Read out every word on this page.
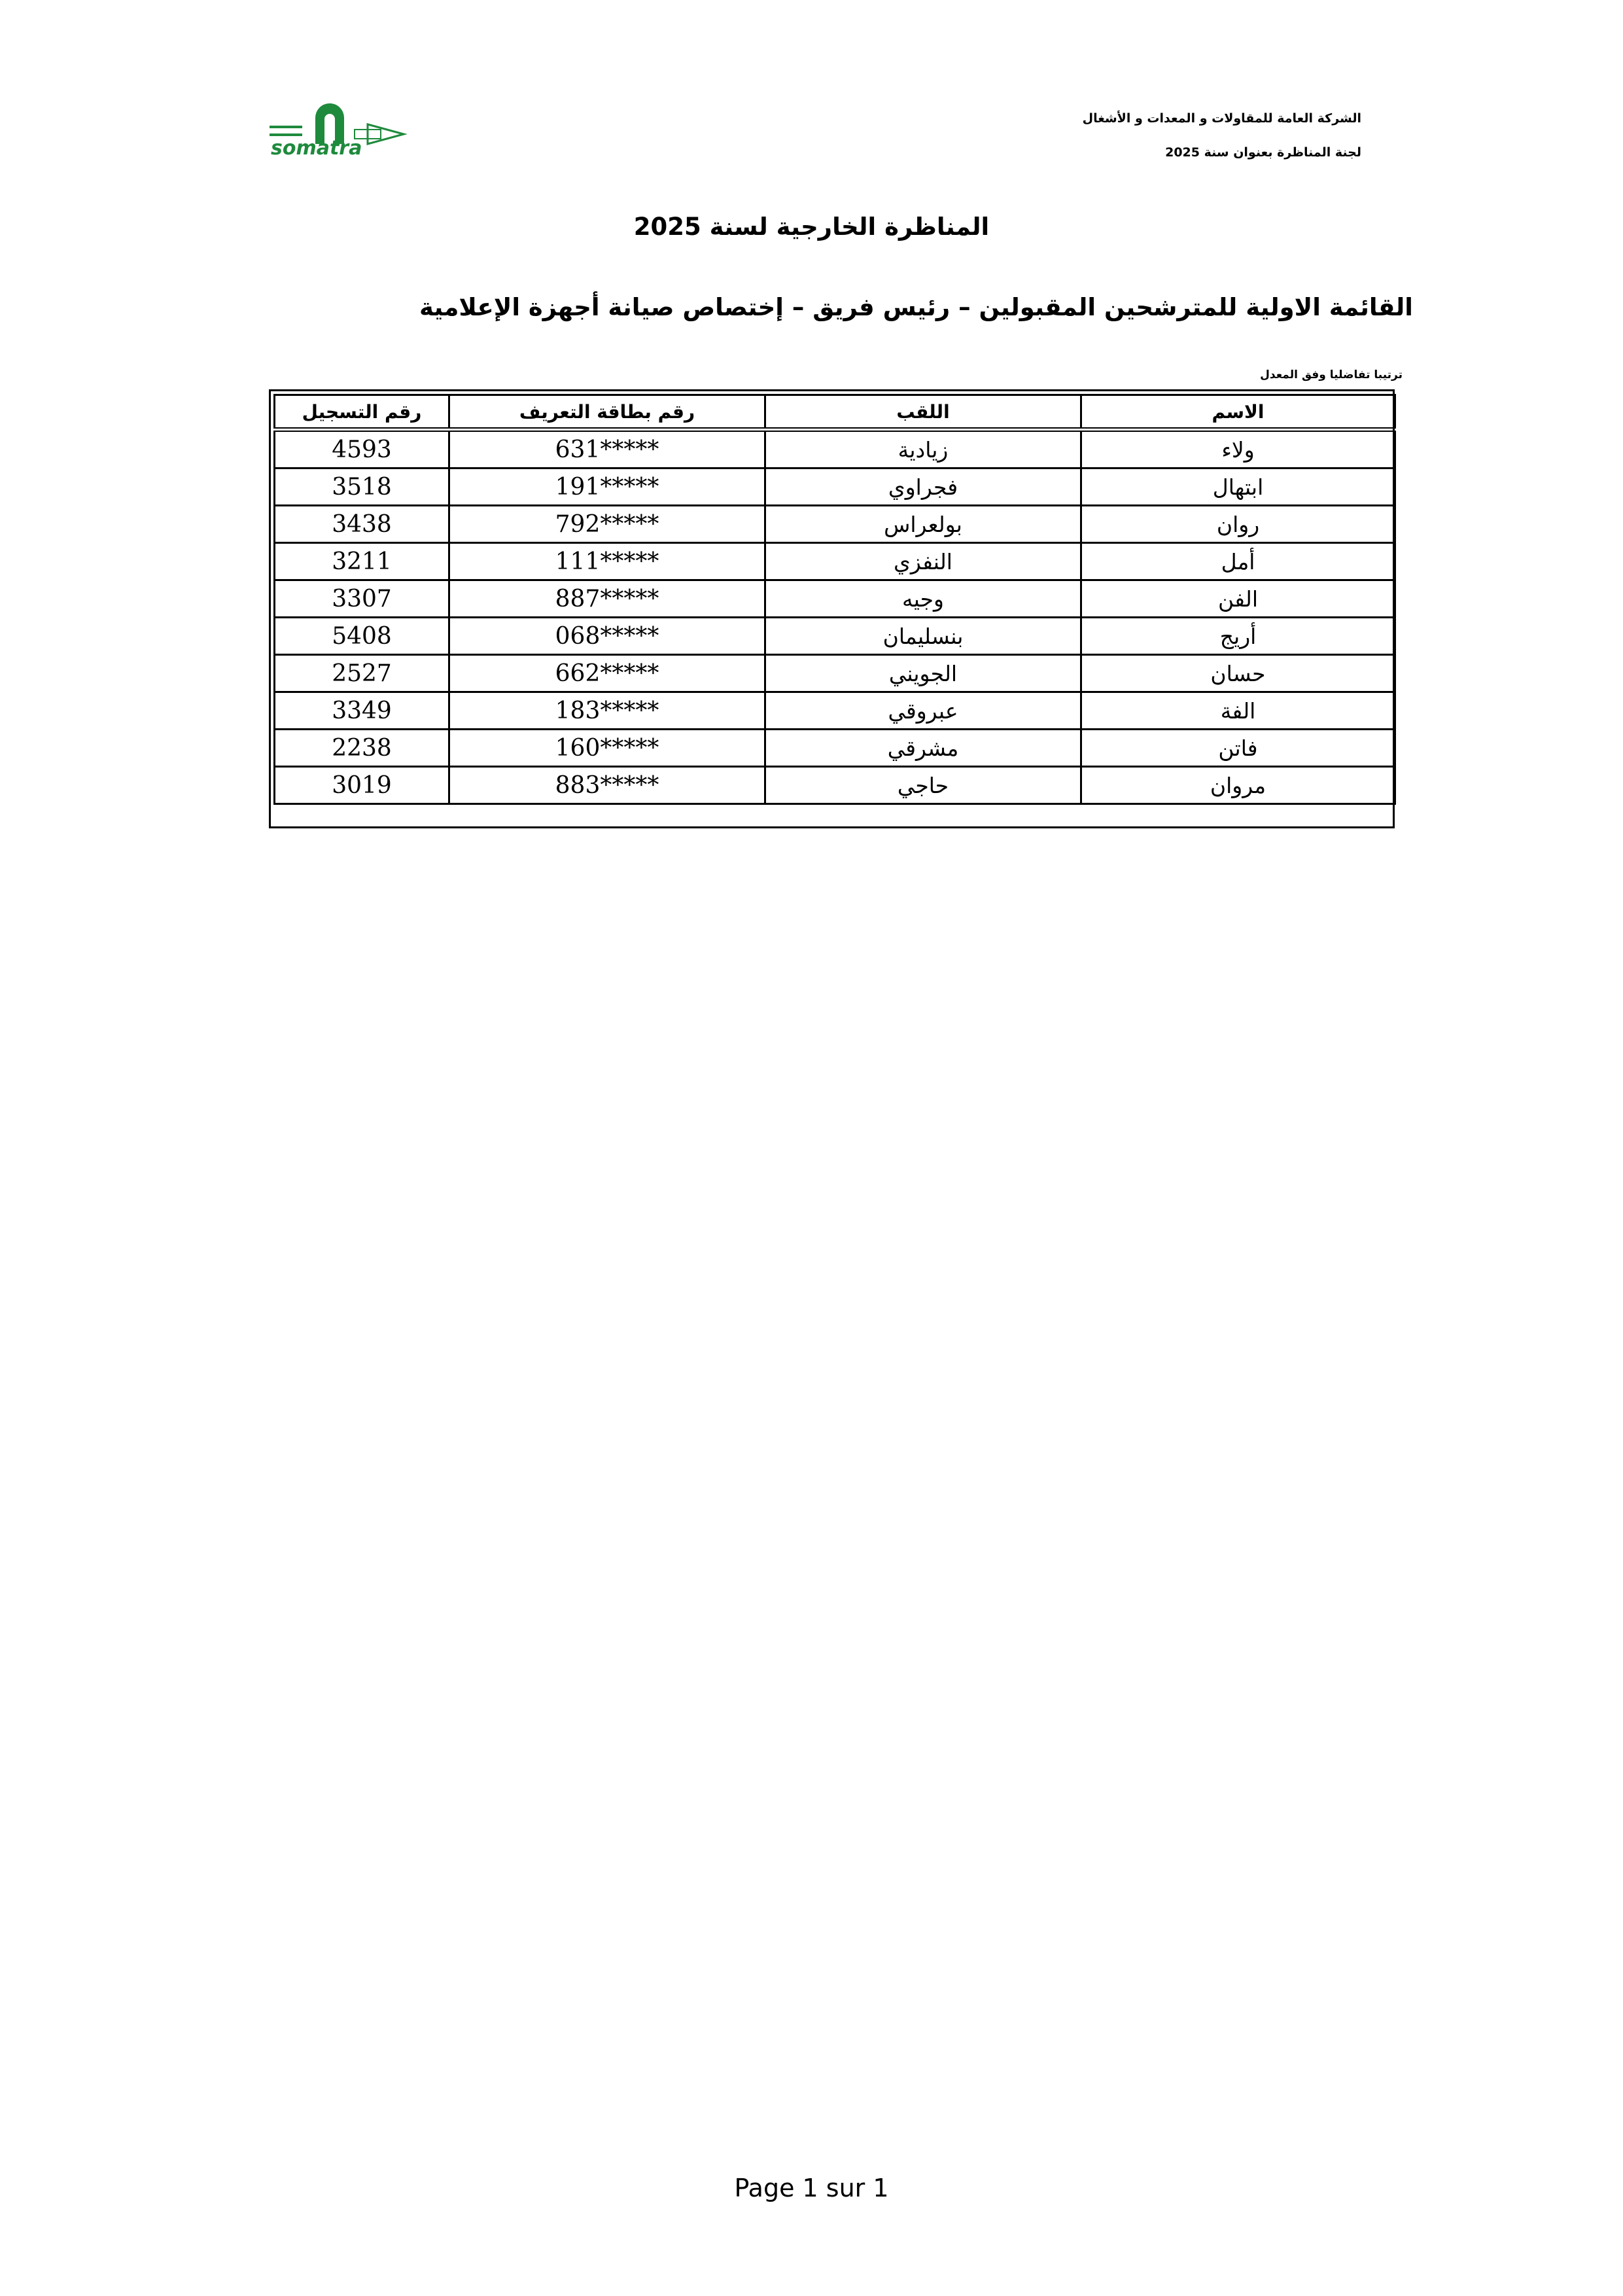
somatra
الشركة العامة للمقاولات و المعدات و الأشغال
لجنة المناظرة بعنوان سنة 2025
المناظرة الخارجية لسنة 2025
القائمة الاولية للمترشحين المقبولين – رئيس فريق – إختصاص صيانة أجهزة الإعلامية
ترتيبا تفاضليا وفق المعدل
الاسم	اللقب	رقم بطاقة التعريف	رقم التسجيل
ولاء	زيادية	*****631	4593
ابتهال	فجراوي	*****191	3518
روان	بولعراس	*****792	3438
أمل	النفزي	*****111	3211
الفن	وجيه	*****887	3307
أريج	بنسليمان	*****068	5408
حسان	الجويني	*****662	2527
الفة	عبروقي	*****183	3349
فاتن	مشرقي	*****160	2238
مروان	حاجي	*****883	3019
Page 1 sur 1
